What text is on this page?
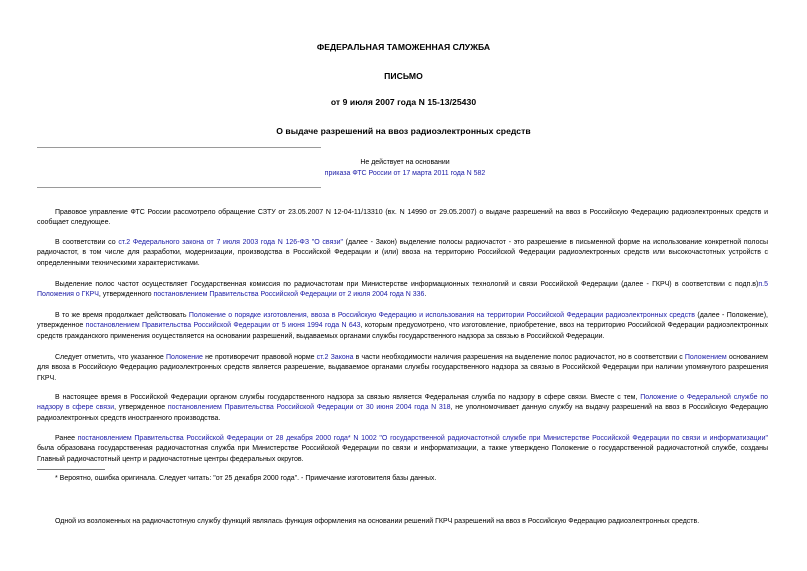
ФЕДЕРАЛЬНАЯ ТАМОЖЕННАЯ СЛУЖБА
ПИСЬМО
от 9 июля 2007 года N 15-13/25430
О выдаче разрешений на ввоз радиоэлектронных средств
Не действует на основании
приказа ФТС России от 17 марта 2011 года N 582

Правовое управление ФТС России рассмотрело обращение СЗТУ от 23.05.2007 N 12-04-11/13310 (вх. N 14990 от 29.05.2007) о выдаче разрешений на ввоз в Российскую Федерацию радиоэлектронных средств и сообщает следующее.

В соответствии со ст.2 Федерального закона от 7 июля 2003 года N 126-ФЗ "О связи" (далее - Закон) выделение полосы радиочастот - это разрешение в письменной форме на использование конкретной полосы радиочастот, в том числе для разработки, модернизации, производства в Российской Федерации и (или) ввоза на территорию Российской Федерации радиоэлектронных средств или высокочастотных устройств с определенными техническими характеристиками.

Выделение полос частот осуществляет Государственная комиссия по радиочастотам при Министерстве информационных технологий и связи Российской Федерации (далее - ГКРЧ) в соответствии с подп.в)п.5 Положения о ГКРЧ, утвержденного постановлением Правительства Российской Федерации от 2 июля 2004 года N 336.

В то же время продолжает действовать Положение о порядке изготовления, ввоза в Российскую Федерацию и использования на территории Российской Федерации радиоэлектронных средств (далее - Положение), утвержденное постановлением Правительства Российской Федерации от 5 июня 1994 года N 643, которым предусмотрено, что изготовление, приобретение, ввоз на территорию Российской Федерации радиоэлектронных средств гражданского применения осуществляется на основании разрешений, выдаваемых органами службы государственного надзора за связью в Российской Федерации.

Следует отметить, что указанное Положение не противоречит правовой норме ст.2 Закона в части необходимости наличия разрешения на выделение полос радиочастот, но в соответствии с Положением основанием для ввоза в Российскую Федерацию радиоэлектронных средств является разрешение, выдаваемое органами службы государственного надзора за связью в Российской Федерации при наличии упомянутого разрешения ГКРЧ.

В настоящее время в Российской Федерации органом службы государственного надзора за связью является Федеральная служба по надзору в сфере связи. Вместе с тем, Положение о Федеральной службе по надзору в сфере связи, утвержденное постановлением Правительства Российской Федерации от 30 июня 2004 года N 318, не уполномочивает данную службу на выдачу разрешений на ввоз в Российскую Федерацию радиоэлектронных средств иностранного производства.

Ранее постановлением Правительства Российской Федерации от 28 декабря 2000 года* N 1002 "О государственной радиочастотной службе при Министерстве Российской Федерации по связи и информатизации" была образована государственная радиочастотная служба при Министерстве Российской Федерации по связи и информатизации, а также утверждено Положение о государственной радиочастотной службе, созданы Главный радиочастотный центр и радиочастотные центры федеральных округов.

* Вероятно, ошибка оригинала. Следует читать: "от 25 декабря 2000 года". - Примечание изготовителя базы данных.

Одной из возложенных на радиочастотную службу функций являлась функция оформления на основании решений ГКРЧ разрешений на ввоз в Российскую Федерацию радиоэлектронных средств.
